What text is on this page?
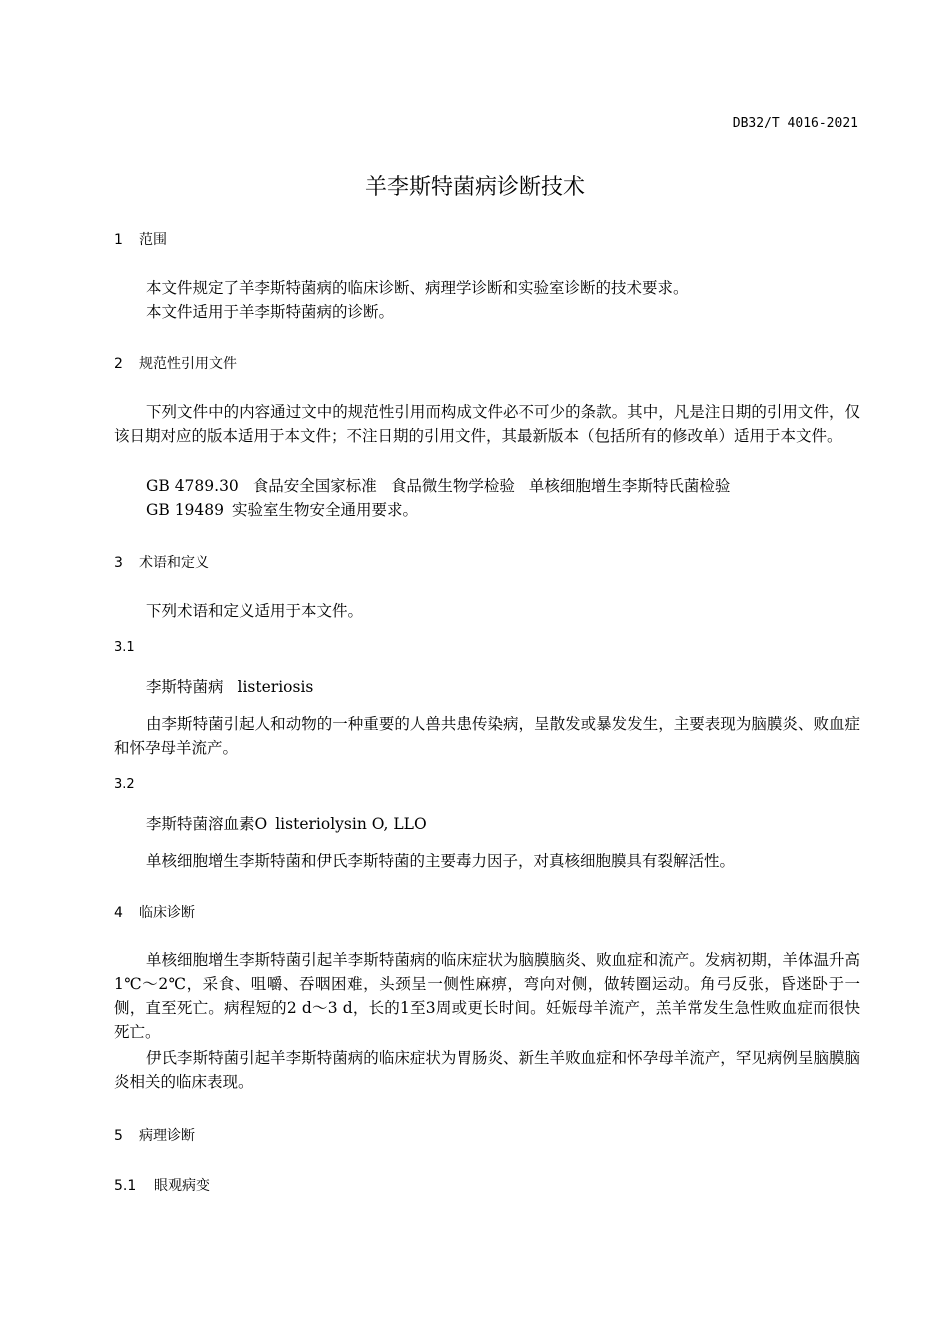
DB32/T 4016-2021
羊李斯特菌病诊断技术
1 范围
本文件规定了羊李斯特菌病的临床诊断、病理学诊断和实验室诊断的技术要求。
本文件适用于羊李斯特菌病的诊断。
2 规范性引用文件

下列文件中的内容通过文中的规范性引用而构成文件必不可少的条款。其中，凡是注日期的引用文件，仅该日期对应的版本适用于本文件；不注日期的引用文件，其最新版本（包括所有的修改单）适用于本文件。

GB 4789.30 食品安全国家标准 食品微生物学检验 单核细胞增生李斯特氏菌检验
GB 19489 实验室生物安全通用要求。
3 术语和定义
下列术语和定义适用于本文件。
3.1
李斯特菌病 listeriosis

由李斯特菌引起人和动物的一种重要的人兽共患传染病，呈散发或暴发发生，主要表现为脑膜炎、败血症和怀孕母羊流产。

3.2
李斯特菌溶血素O listeriolysin O, LLO
单核细胞增生李斯特菌和伊氏李斯特菌的主要毒力因子，对真核细胞膜具有裂解活性。
4 临床诊断

单核细胞增生李斯特菌引起羊李斯特菌病的临床症状为脑膜脑炎、败血症和流产。发病初期，羊体温升高1℃～2℃，采食、咀嚼、吞咽困难，头颈呈一侧性麻痹，弯向对侧，做转圈运动。角弓反张，昏迷卧于一侧，直至死亡。病程短的2 d～3 d，长的1至3周或更长时间。妊娠母羊流产，羔羊常发生急性败血症而很快死亡。

伊氏李斯特菌引起羊李斯特菌病的临床症状为胃肠炎、新生羊败血症和怀孕母羊流产，罕见病例呈脑膜脑炎相关的临床表现。

5 病理诊断
5.1 眼观病变
